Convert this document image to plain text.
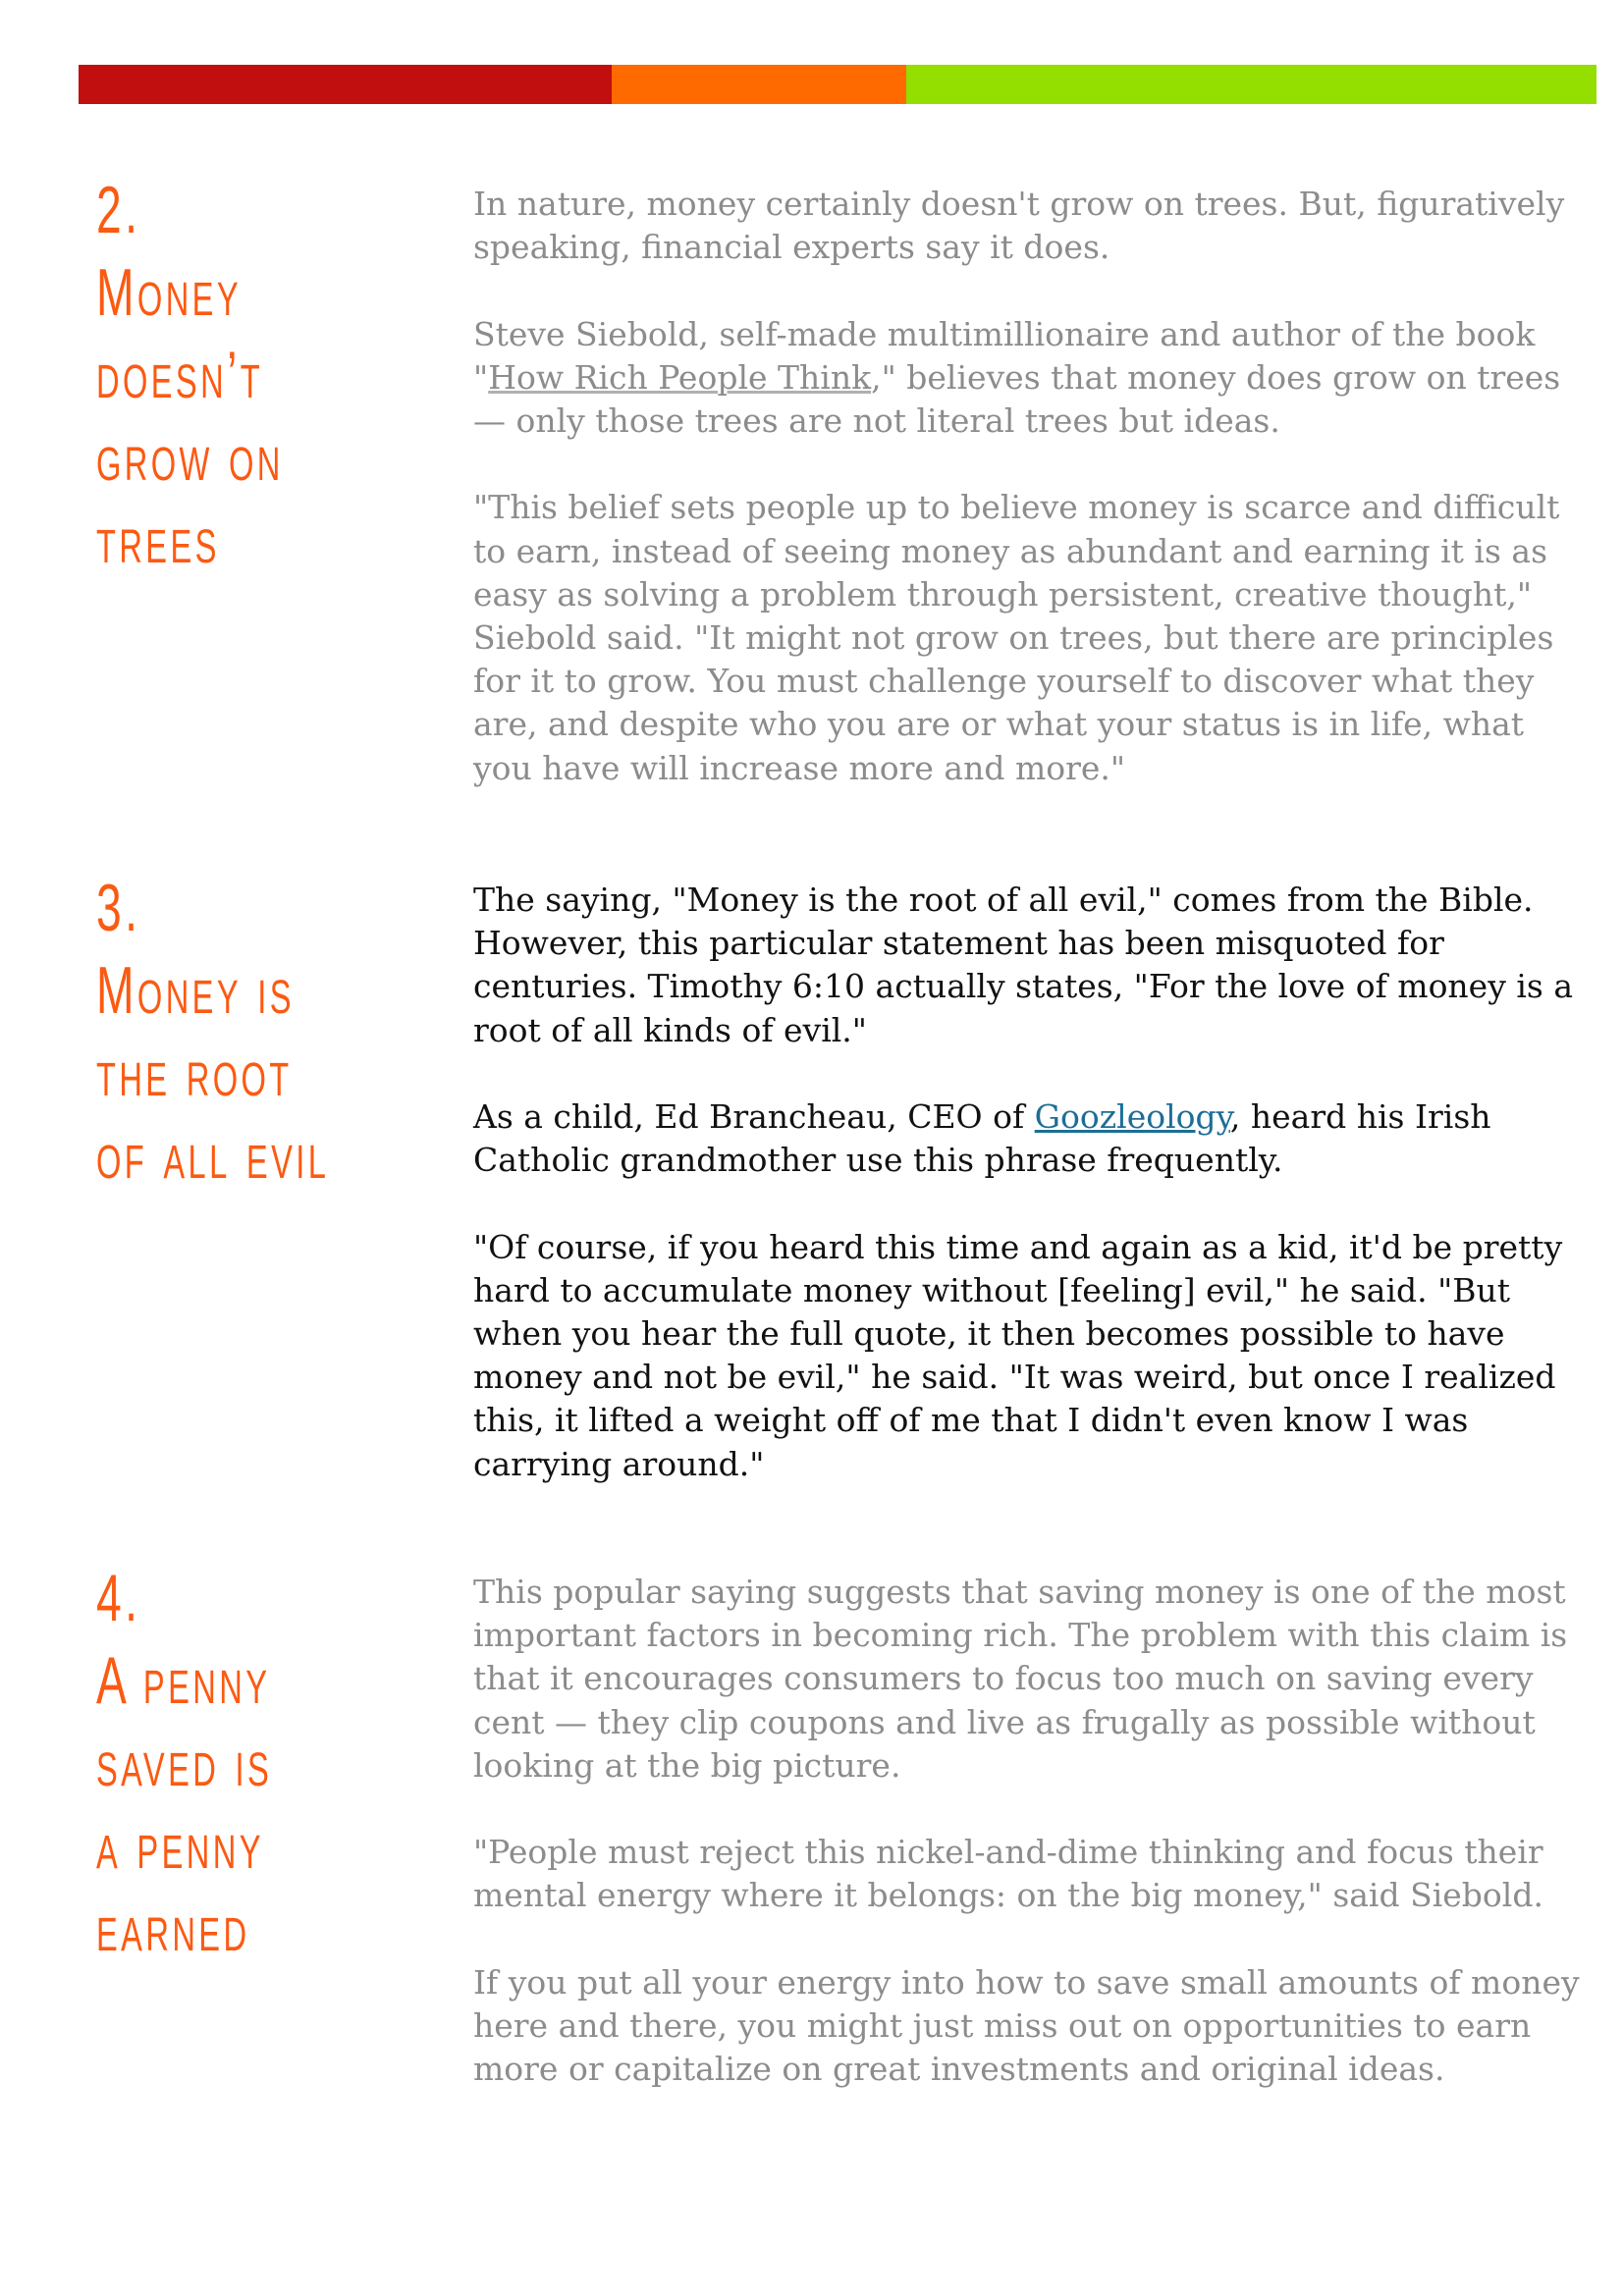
2.
Money
doesn’t
grow on
trees

In nature, money certainly doesn't grow on trees. But, figuratively speaking, financial experts say it does.

Steve Siebold, self-made multimillionaire and author of the book "How Rich People Think," believes that money does grow on trees — only those trees are not literal trees but ideas.

"This belief sets people up to believe money is scarce and difficult to earn, instead of seeing money as abundant and earning it is as easy as solving a problem through persistent, creative thought," Siebold said. "It might not grow on trees, but there are principles for it to grow. You must challenge yourself to discover what they are, and despite who you are or what your status is in life, what you have will increase more and more."

3.
Money is
the root
of all evil

The saying, "Money is the root of all evil," comes from the Bible. However, this particular statement has been misquoted for centuries. Timothy 6:10 actually states, "For the love of money is a root of all kinds of evil."

As a child, Ed Brancheau, CEO of Goozleology, heard his Irish Catholic grandmother use this phrase frequently.

"Of course, if you heard this time and again as a kid, it'd be pretty hard to accumulate money without [feeling] evil," he said. "But when you hear the full quote, it then becomes possible to have money and not be evil," he said. "It was weird, but once I realized this, it lifted a weight off of me that I didn't even know I was carrying around."

4.
A penny
saved is
a penny
earned

This popular saying suggests that saving money is one of the most important factors in becoming rich. The problem with this claim is that it encourages consumers to focus too much on saving every cent — they clip coupons and live as frugally as possible without looking at the big picture.

"People must reject this nickel-and-dime thinking and focus their mental energy where it belongs: on the big money," said Siebold.

If you put all your energy into how to save small amounts of money here and there, you might just miss out on opportunities to earn more or capitalize on great investments and original ideas.
